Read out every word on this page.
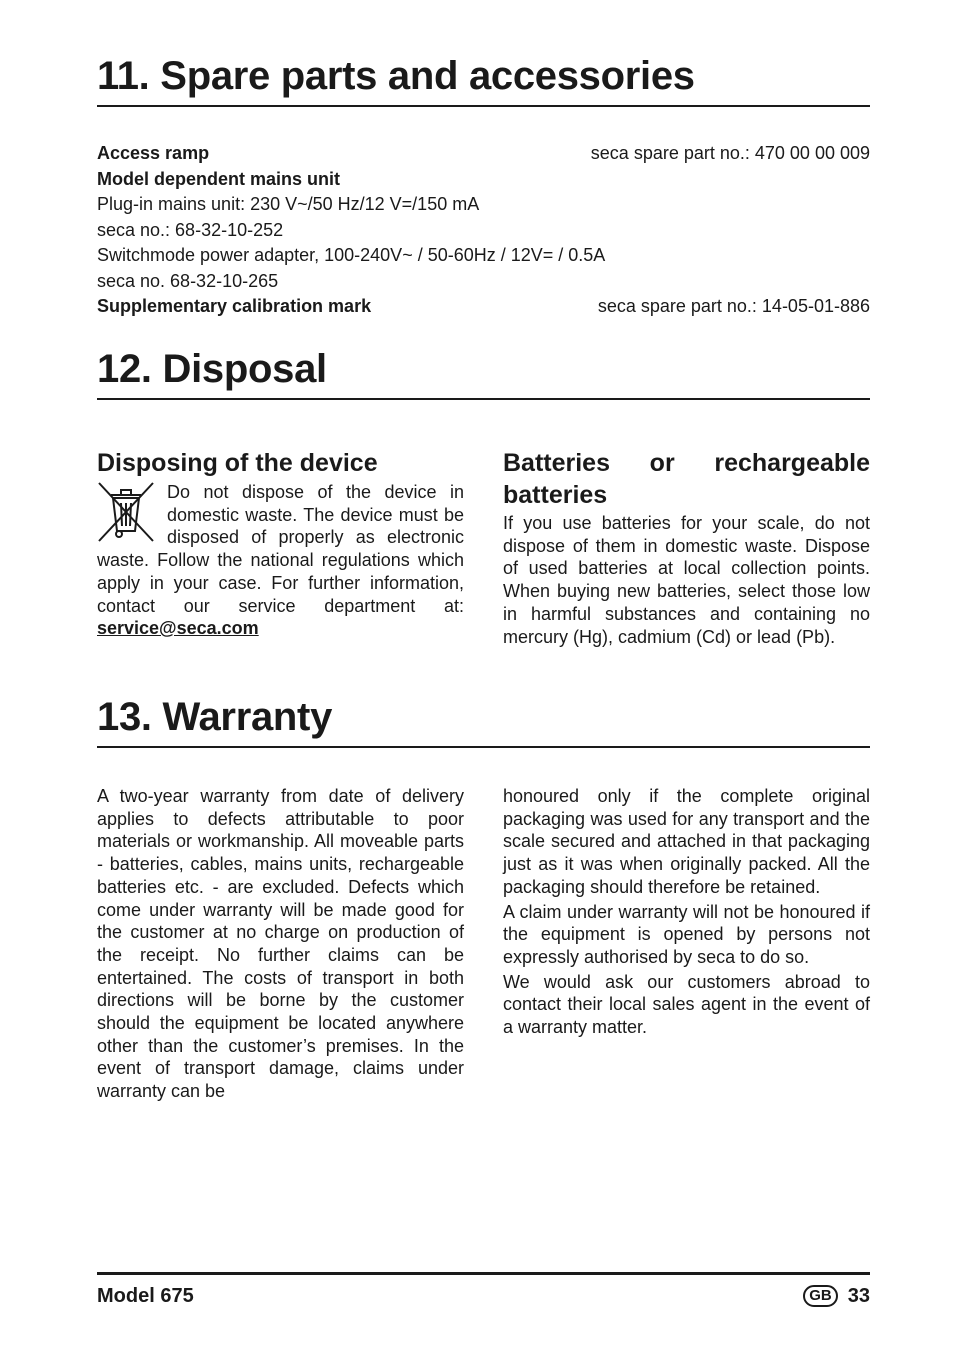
11. Spare parts and accessories
Access ramp	seca spare part no.: 470 00 00 009
Model dependent mains unit
Plug-in mains unit: 230 V~/50 Hz/12 V=/150 mA
seca no.: 68-32-10-252
Switchmode power adapter, 100-240V~ / 50-60Hz / 12V= / 0.5A
seca no. 68-32-10-265
Supplementary calibration mark	seca spare part no.: 14-05-01-886
12. Disposal
Disposing of the device

Do not dispose of the device in domestic waste. The device must be disposed of properly as electronic waste. Follow the national regulations which apply in your case. For further information, contact our service department at: service@seca.com

Batteries or rechargeable batteries

If you use batteries for your scale, do not dispose of them in domestic waste. Dispose of used batteries at local collection points. When buying new batteries, select those low in harmful substances and containing no mercury (Hg), cadmium (Cd) or lead (Pb).

13. Warranty

A two-year warranty from date of delivery applies to defects attributable to poor materials or workmanship. All moveable parts - batteries, cables, mains units, rechargeable batteries etc. - are excluded. Defects which come under warranty will be made good for the customer at no charge on production of the receipt. No further claims can be entertained. The costs of transport in both directions will be borne by the customer should the equipment be located anywhere other than the customer’s premises. In the event of transport damage, claims under warranty can be

honoured only if the complete original packaging was used for any transport and the scale secured and attached in that packaging just as it was when originally packed. All the packaging should therefore be retained.

A claim under warranty will not be honoured if the equipment is opened by persons not expressly authorised by seca to do so.

We would ask our customers abroad to contact their local sales agent in the event of a warranty matter.

Model 675	GB 33
